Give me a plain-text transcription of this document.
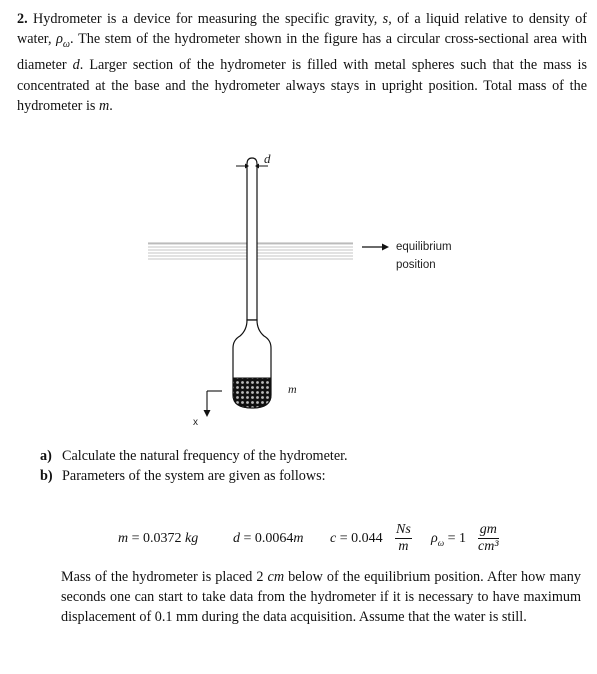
2. Hydrometer is a device for measuring the specific gravity, s, of a liquid relative to density of water, $\rho_\omega$. The stem of the hydrometer shown in the figure has a circular cross-sectional area with diameter d. Larger section of the hydrometer is filled with metal spheres such that the mass is concentrated at the base and the hydrometer always stays in upright position. Total mass of the hydrometer is m.
d
m
x
equilibrium
position
a) Calculate the natural frequency of the hydrometer.
b) Parameters of the system are given as follows:
m = 0.0372 kg d = 0.0064m $c = 0.044 \frac{Ns}{m} \rho_\omega = 1 \frac{gm}{\text{cm³}}$
Mass of the hydrometer is placed 2 cm below of the equilibrium position. After how many seconds one can start to take data from the hydrometer if it is necessary to have maximum displacement of 0.1 mm during the data acquisition. Assume that the water is still.
